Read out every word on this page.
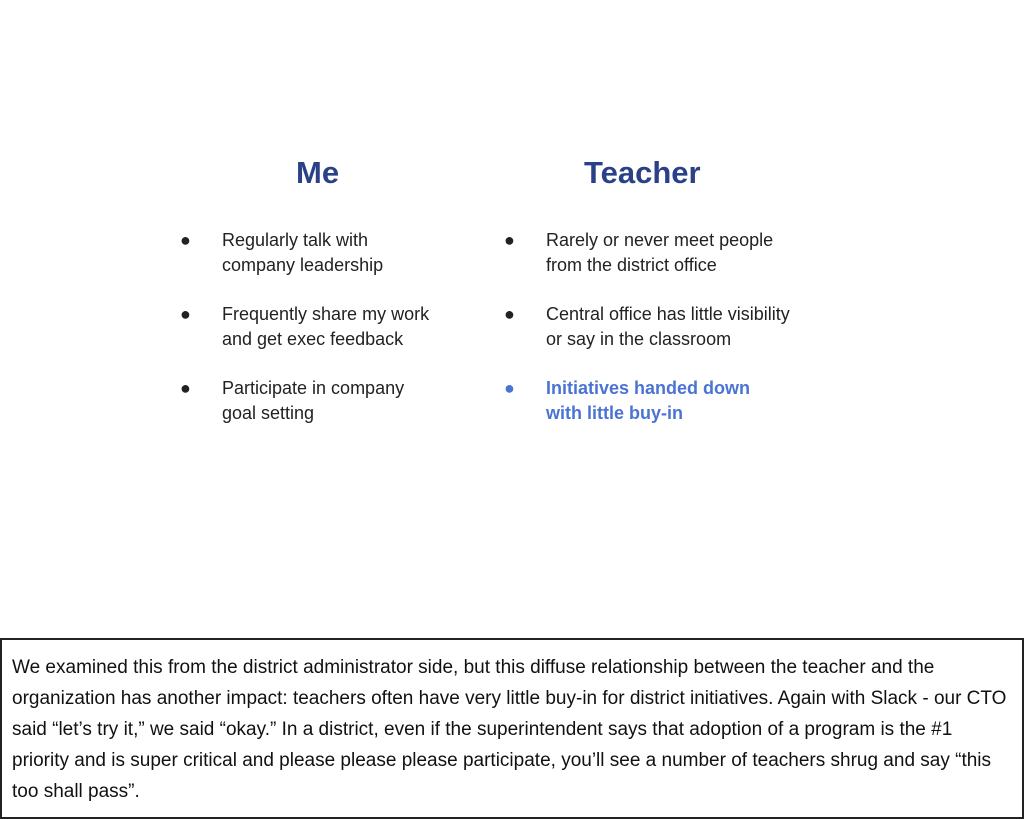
Me	Teacher
● Regularly talk with
company leadership
● Frequently share my work
and get exec feedback
● Participate in company
goal setting
● Rarely or never meet people
from the district office
● Central office has little visibility
or say in the classroom
● Initiatives handed down
with little buy-in

We examined this from the district administrator side, but this diffuse relationship between the teacher and the organization has another impact: teachers often have very little buy-in for district initiatives. Again with Slack - our CTO said “let’s try it,” we said “okay.” In a district, even if the superintendent says that adoption of a program is the #1 priority and is super critical and please please please participate, you’ll see a number of teachers shrug and say “this too shall pass”.
